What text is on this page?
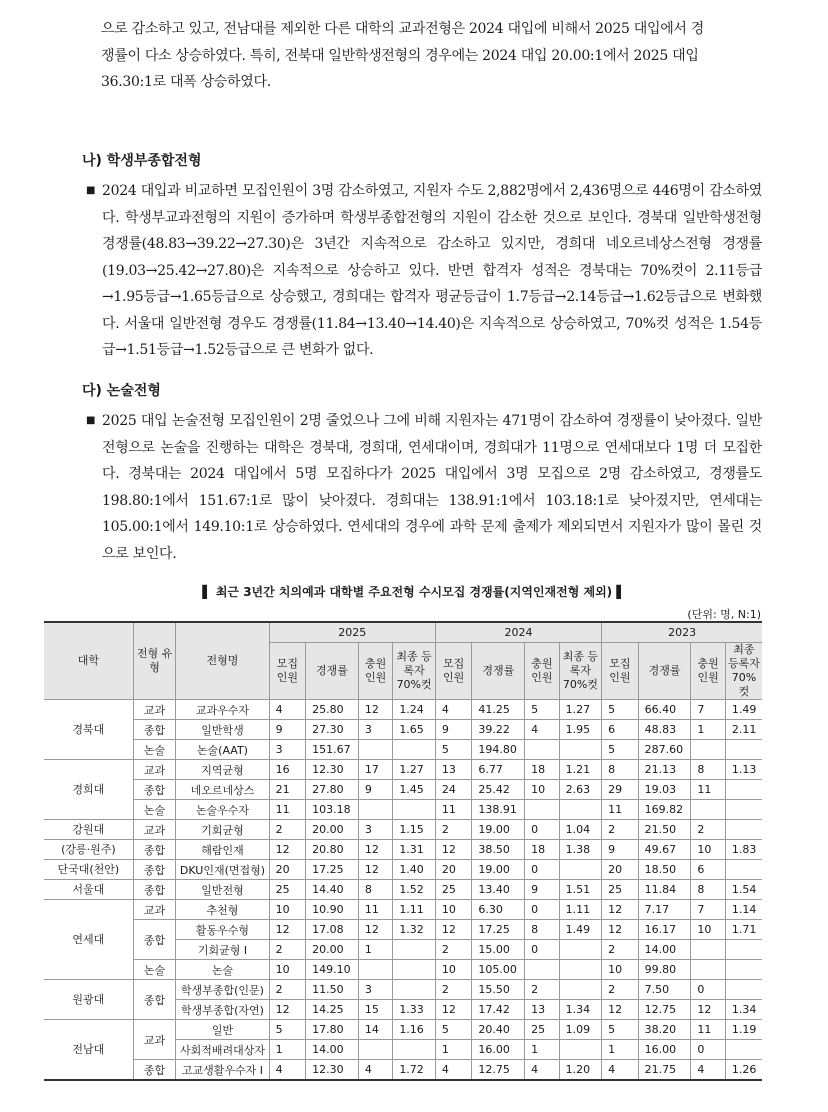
으로 감소하고 있고, 전남대를 제외한 다른 대학의 교과전형은 2024 대입에 비해서 2025 대입에서 경
쟁률이 다소 상승하였다. 특히, 전북대 일반학생전형의 경우에는 2024 대입 20.00:1에서 2025 대입
36.30:1로 대폭 상승하였다.
나) 학생부종합전형
■ 2024 대입과 비교하면 모집인원이 3명 감소하였고, 지원자 수도 2,882명에서 2,436명으로 446명이 감소하였다. 학생부교과전형의 지원이 증가하며 학생부종합전형의 지원이 감소한 것으로 보인다. 경북대 일반학생전형 경쟁률(48.83→39.22→27.30)은 3년간 지속적으로 감소하고 있지만, 경희대 네오르네상스전형 경쟁률(19.03→25.42→27.80)은 지속적으로 상승하고 있다. 반면 합격자 성적은 경북대는 70%컷이 2.11등급→1.95등급→1.65등급으로 상승했고, 경희대는 합격자 평균등급이 1.7등급→2.14등급→1.62등급으로 변화했다. 서울대 일반전형 경우도 경쟁률(11.84→13.40→14.40)은 지속적으로 상승하였고, 70%컷 성적은 1.54등급→1.51등급→1.52등급으로 큰 변화가 없다.
다) 논술전형
■ 2025 대입 논술전형 모집인원이 2명 줄었으나 그에 비해 지원자는 471명이 감소하여 경쟁률이 낮아졌다. 일반전형으로 논술을 진행하는 대학은 경북대, 경희대, 연세대이며, 경희대가 11명으로 연세대보다 1명 더 모집한다. 경북대는 2024 대입에서 5명 모집하다가 2025 대입에서 3명 모집으로 2명 감소하였고, 경쟁률도 198.80:1에서 151.67:1로 많이 낮아졌다. 경희대는 138.91:1에서 103.18:1로 낮아졌지만, 연세대는 105.00:1에서 149.10:1로 상승하였다. 연세대의 경우에 과학 문제 출제가 제외되면서 지원자가 많이 몰린 것으로 보인다.
▌ 최근 3년간 치의예과 대학별 주요전형 수시모집 경쟁률(지역인재전형 제외) ▌
(단위: 명, N:1)
대학	전형 유형	전형명	2025				2024				2023			
			모집 인원	경쟁률	충원 인원	최종 등록자 70%컷	모집 인원	경쟁률	충원 인원	최종 등록자 70%컷	모집 인원	경쟁률	충원 인원	최종 등록자 70%컷
경북대	교과	교과우수자	4	25.80	12	1.24	4	41.25	5	1.27	5	66.40	7	1.49
	종합	일반학생	9	27.30	3	1.65	9	39.22	4	1.95	6	48.83	1	2.11
	논술	논술(AAT)	3	151.67			5	194.80			5	287.60		
경희대	교과	지역균형	16	12.30	17	1.27	13	6.77	18	1.21	8	21.13	8	1.13
	종합	네오르네상스	21	27.80	9	1.45	24	25.42	10	2.63	29	19.03	11	
	논술	논술우수자	11	103.18			11	138.91			11	169.82		
강원대	교과	기회균형	2	20.00	3	1.15	2	19.00	0	1.04	2	21.50	2	
(강릉·원주)	종합	해람인재	12	20.80	12	1.31	12	38.50	18	1.38	9	49.67	10	1.83
단국대(천안)	종합	DKU인재(면접형)	20	17.25	12	1.40	20	19.00	0		20	18.50	6	
서울대	종합	일반전형	25	14.40	8	1.52	25	13.40	9	1.51	25	11.84	8	1.54
연세대	교과	추천형	10	10.90	11	1.11	10	6.30	0	1.11	12	7.17	7	1.14
	종합	활동우수형	12	17.08	12	1.32	12	17.25	8	1.49	12	16.17	10	1.71
		기회균형 I	2	20.00	1		2	15.00	0		2	14.00		
	논술	논술	10	149.10			10	105.00			10	99.80		
원광대	종합	학생부종합(인문)	2	11.50	3		2	15.50	2		2	7.50	0	
		학생부종합(자연)	12	14.25	15	1.33	12	17.42	13	1.34	12	12.75	12	1.34
전남대	교과	일반	5	17.80	14	1.16	5	20.40	25	1.09	5	38.20	11	1.19
		사회적배려대상자	1	14.00			1	16.00	1		1	16.00	0	
	종합	고교생활우수자 I	4	12.30	4	1.72	4	12.75	4	1.20	4	21.75	4	1.26
